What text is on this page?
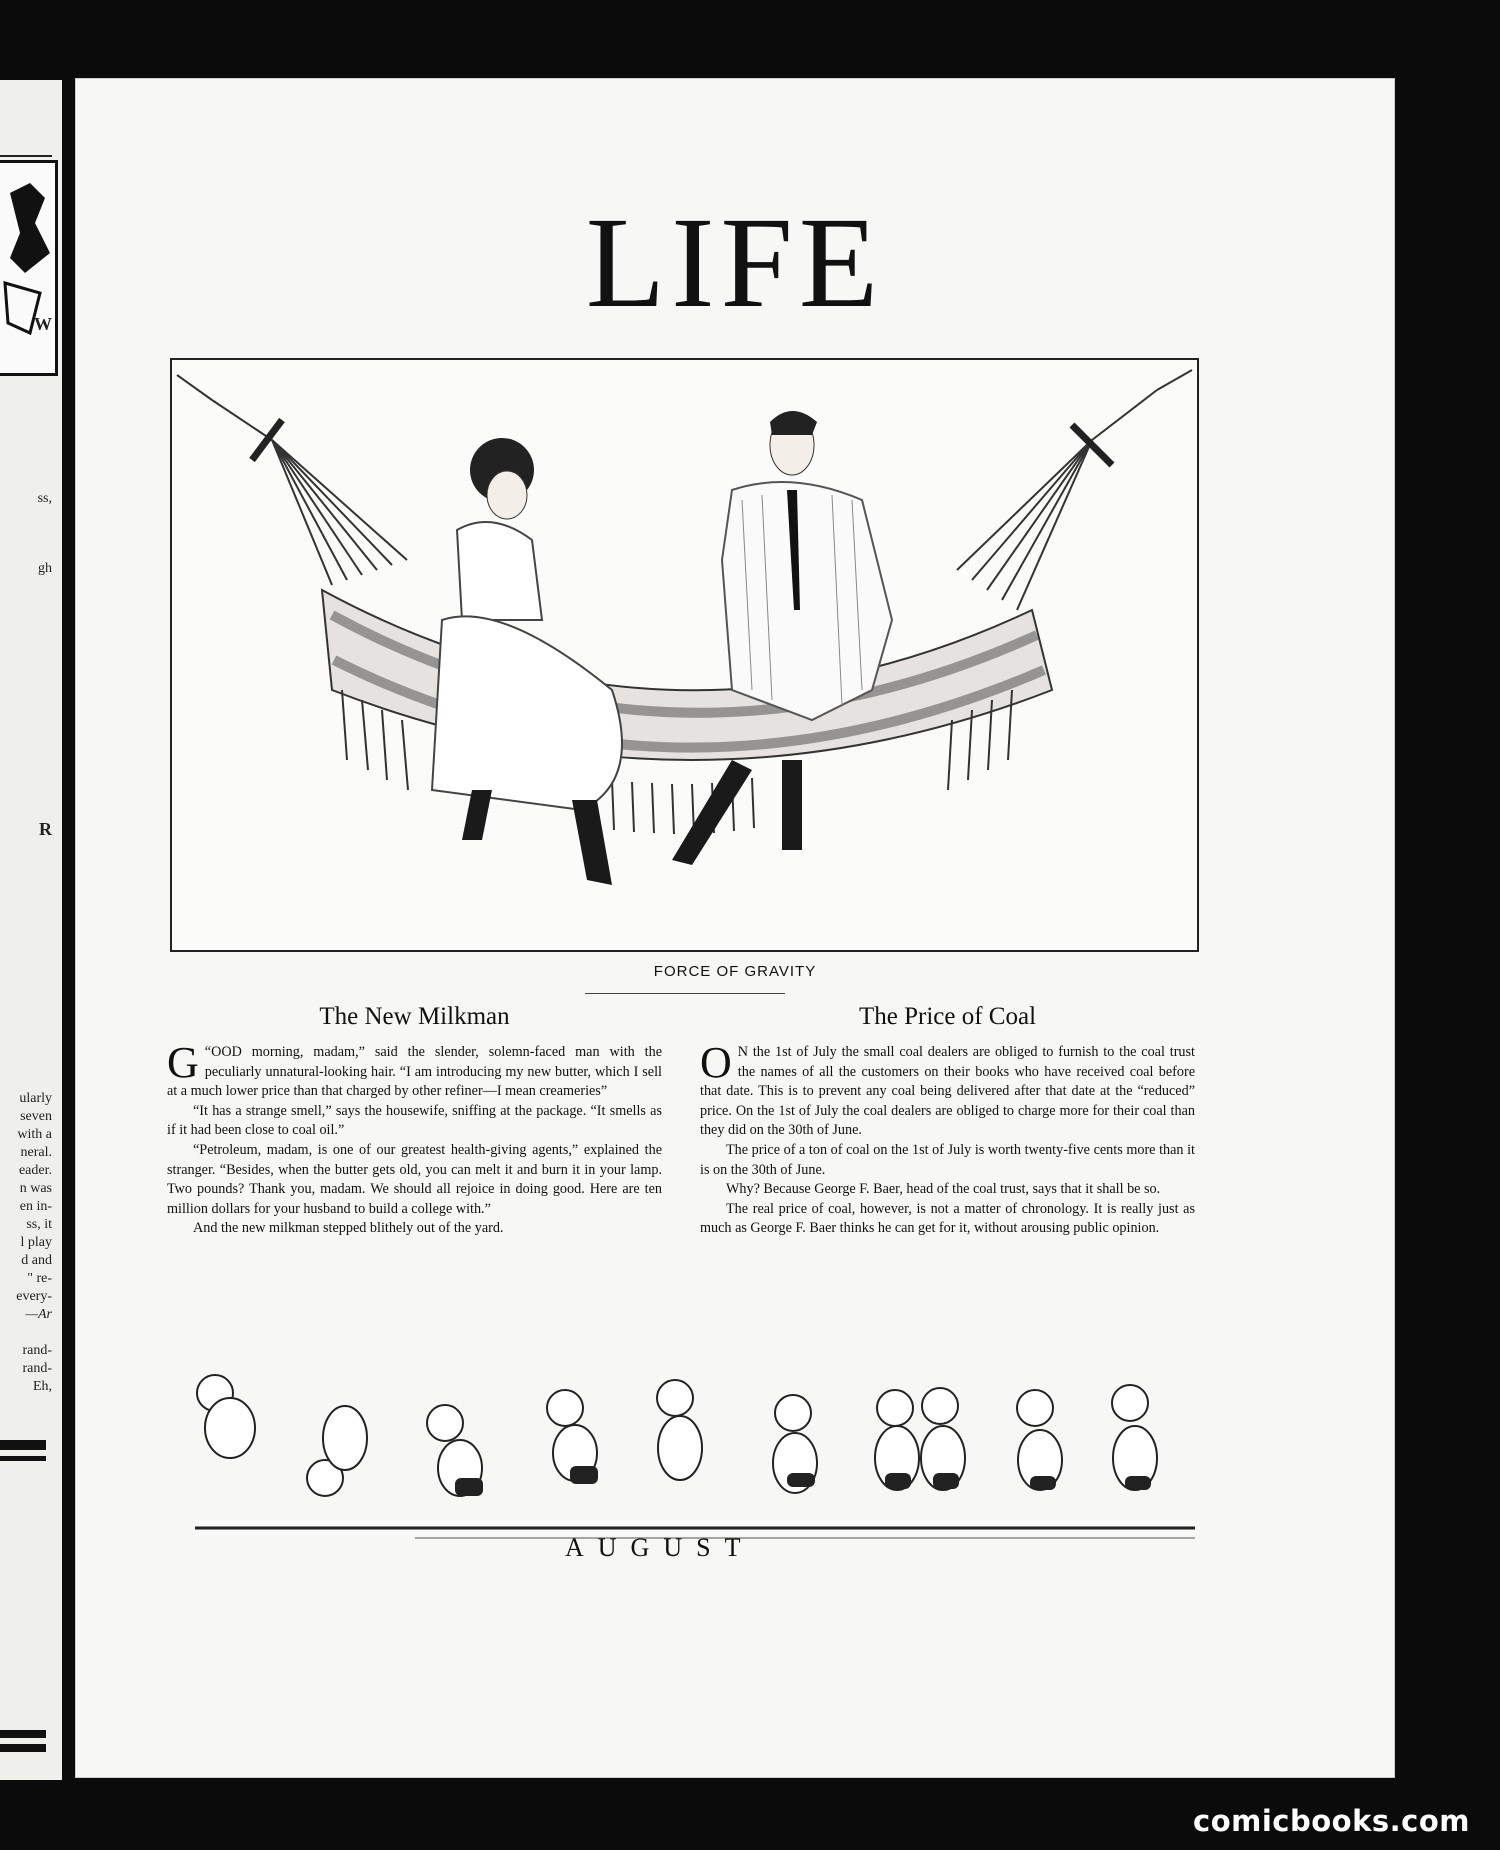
W
ss,
gh
R
ularly
seven
with a
neral.
eader.
n was
en in-
ss, it
l play
d and
" re-
every-
—Ar
rand-
rand-
Eh,
LIFE
FORCE OF GRAVITY
The New Milkman

G “OOD morning, madam,” said the slender, solemn-faced man with the peculiarly unnatural-looking hair. “I am introducing my new butter, which I sell at a much lower price than that charged by other refiner—I mean creameries”

“It has a strange smell,” says the housewife, sniffing at the package. “It smells as if it had been close to coal oil.”

“Petroleum, madam, is one of our greatest health-giving agents,” explained the stranger. “Besides, when the butter gets old, you can melt it and burn it in your lamp. Two pounds? Thank you, madam. We should all rejoice in doing good. Here are ten million dollars for your husband to build a college with.”

And the new milkman stepped blithely out of the yard.

The Price of Coal

O N the 1st of July the small coal dealers are obliged to furnish to the coal trust the names of all the customers on their books who have received coal before that date. This is to prevent any coal being delivered after that date at the “reduced” price. On the 1st of July the coal dealers are obliged to charge more for their coal than they did on the 30th of June.

The price of a ton of coal on the 1st of July is worth twenty-five cents more than it is on the 30th of June.

Why? Because George F. Baer, head of the coal trust, says that it shall be so.

The real price of coal, however, is not a matter of chronology. It is really just as much as George F. Baer thinks he can get for it, without arousing public opinion.

AUGUST
comicbooks.com
